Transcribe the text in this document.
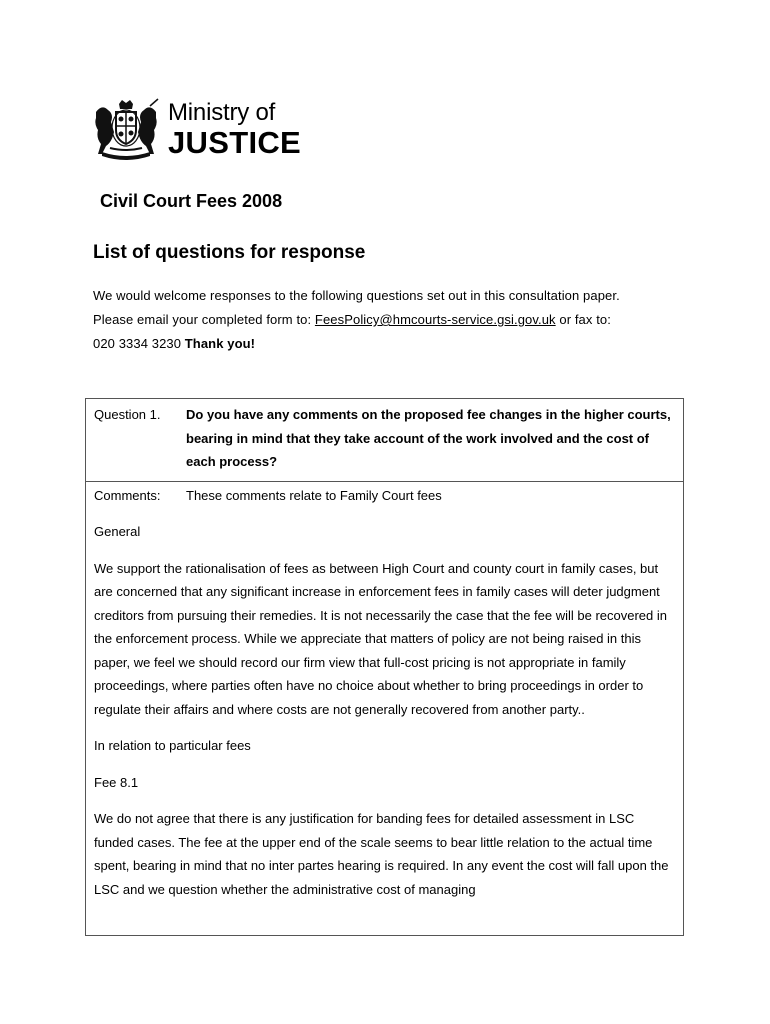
Ministry of
JUSTICE
Civil Court Fees 2008
List of questions for response

We would welcome responses to the following questions set out in this consultation paper.

Please email your completed form to: FeesPolicy@hmcourts-service.gsi.gov.uk or fax to:

020 3334 3230 Thank you!

Question 1.	Do you have any comments on the proposed fee changes in the higher courts, bearing in mind that they take account of the work involved and the cost of each process?
Comments:	These comments relate to Family Court fees

General

We support the rationalisation of fees as between High Court and county court in family cases, but are concerned that any significant increase in enforcement fees in family cases will deter judgment creditors from pursuing their remedies. It is not necessarily the case that the fee will be recovered in the enforcement process. While we appreciate that matters of policy are not being raised in this paper, we feel we should record our firm view that full-cost pricing is not appropriate in family proceedings, where parties often have no choice about whether to bring proceedings in order to regulate their affairs and where costs are not generally recovered from another party..

In relation to particular fees

Fee 8.1

We do not agree that there is any justification for banding fees for detailed assessment in LSC funded cases. The fee at the upper end of the scale seems to bear little relation to the actual time spent, bearing in mind that no inter partes hearing is required. In any event the cost will fall upon the LSC and we question whether the administrative cost of managing
